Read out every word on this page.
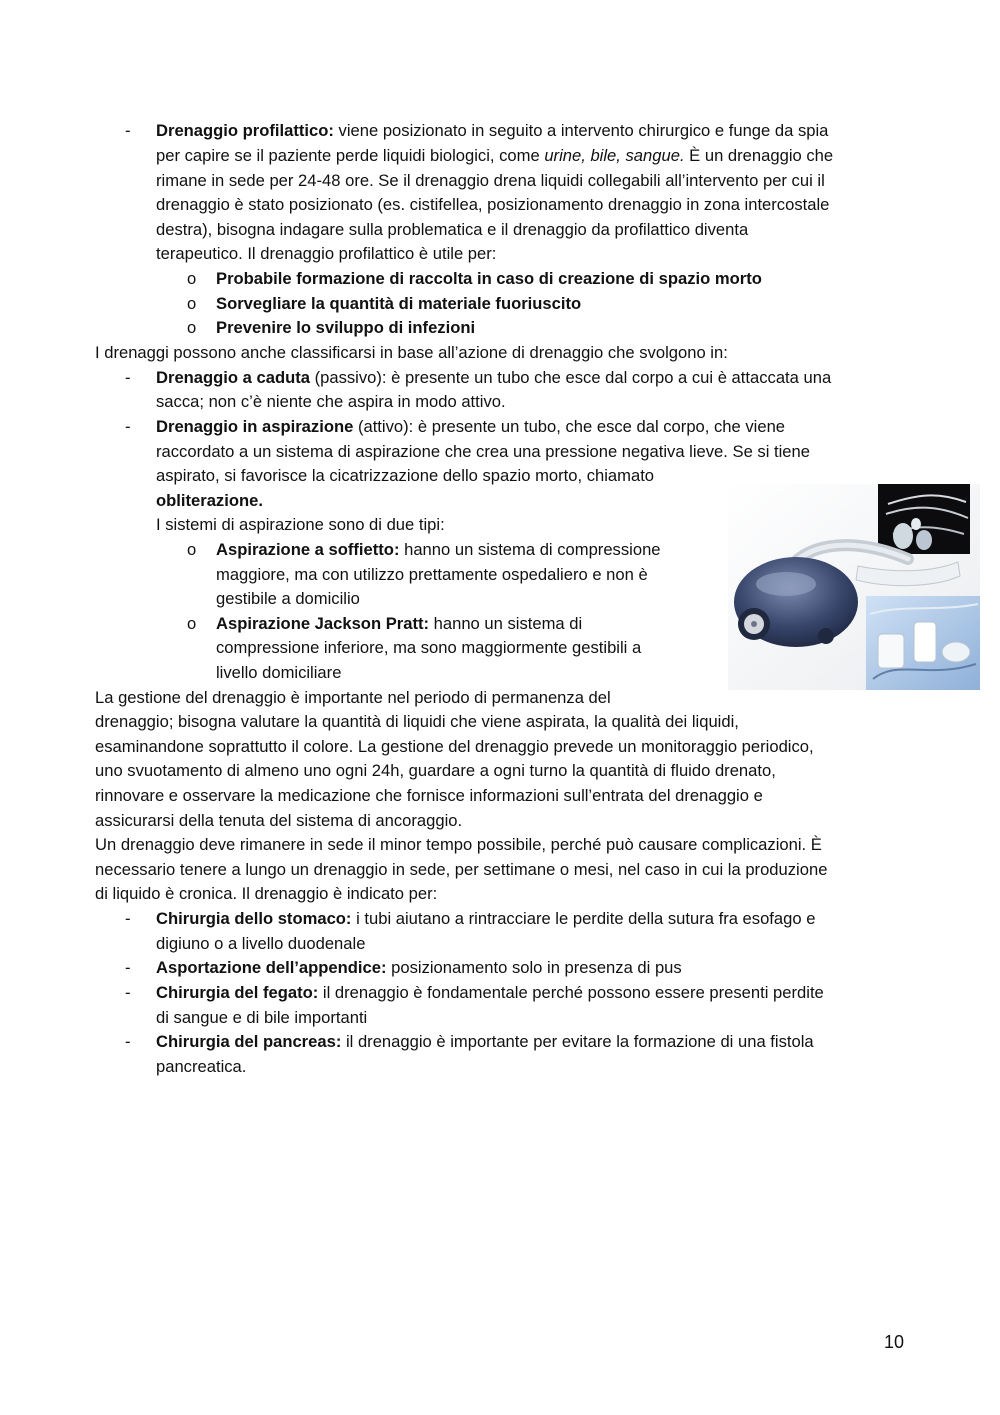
- Drenaggio profilattico: viene posizionato in seguito a intervento chirurgico e funge da spia
per capire se il paziente perde liquidi biologici, come urine, bile, sangue. È un drenaggio che
rimane in sede per 24-48 ore. Se il drenaggio drena liquidi collegabili all’intervento per cui il
drenaggio è stato posizionato (es. cistifellea, posizionamento drenaggio in zona intercostale
destra), bisogna indagare sulla problematica e il drenaggio da profilattico diventa
terapeutico. Il drenaggio profilattico è utile per:
o Probabile formazione di raccolta in caso di creazione di spazio morto
o Sorvegliare la quantità di materiale fuoriuscito
o Prevenire lo sviluppo di infezioni
I drenaggi possono anche classificarsi in base all’azione di drenaggio che svolgono in:
- Drenaggio a caduta (passivo): è presente un tubo che esce dal corpo a cui è attaccata una
sacca; non c’è niente che aspira in modo attivo.
- Drenaggio in aspirazione (attivo): è presente un tubo, che esce dal corpo, che viene
raccordato a un sistema di aspirazione che crea una pressione negativa lieve. Se si tiene
aspirato, si favorisce la cicatrizzazione dello spazio morto, chiamato
obliterazione.
I sistemi di aspirazione sono di due tipi:
o Aspirazione a soffietto: hanno un sistema di compressione
maggiore, ma con utilizzo prettamente ospedaliero e non è
gestibile a domicilio
o Aspirazione Jackson Pratt: hanno un sistema di
compressione inferiore, ma sono maggiormente gestibili a
livello domiciliare
La gestione del drenaggio è importante nel periodo di permanenza del
drenaggio; bisogna valutare la quantità di liquidi che viene aspirata, la qualità dei liquidi,
esaminandone soprattutto il colore. La gestione del drenaggio prevede un monitoraggio periodico,
uno svuotamento di almeno uno ogni 24h, guardare a ogni turno la quantità di fluido drenato,
rinnovare e osservare la medicazione che fornisce informazioni sull’entrata del drenaggio e
assicurarsi della tenuta del sistema di ancoraggio.
Un drenaggio deve rimanere in sede il minor tempo possibile, perché può causare complicazioni. È
necessario tenere a lungo un drenaggio in sede, per settimane o mesi, nel caso in cui la produzione
di liquido è cronica. Il drenaggio è indicato per:
- Chirurgia dello stomaco: i tubi aiutano a rintracciare le perdite della sutura fra esofago e
digiuno o a livello duodenale
- Asportazione dell’appendice: posizionamento solo in presenza di pus
- Chirurgia del fegato: il drenaggio è fondamentale perché possono essere presenti perdite
di sangue e di bile importanti
- Chirurgia del pancreas: il drenaggio è importante per evitare la formazione di una fistola
pancreatica.
10
